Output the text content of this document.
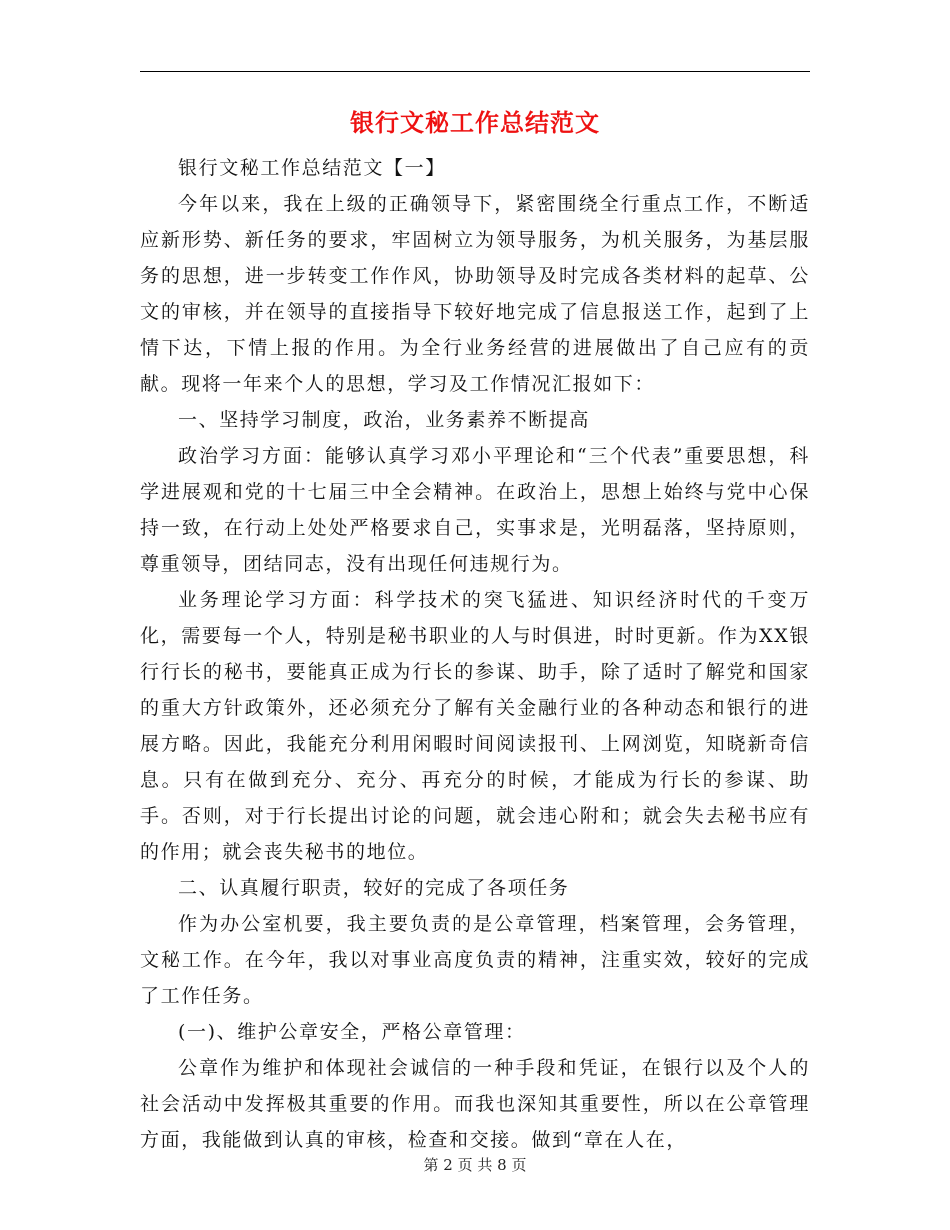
银行文秘工作总结范文

银行文秘工作总结范文【一】

今年以来，我在上级的正确领导下，紧密围绕全行重点工作，不断适应新形势、新任务的要求，牢固树立为领导服务，为机关服务，为基层服务的思想，进一步转变工作作风，协助领导及时完成各类材料的起草、公文的审核，并在领导的直接指导下较好地完成了信息报送工作，起到了上情下达，下情上报的作用。为全行业务经营的进展做出了自己应有的贡献。现将一年来个人的思想，学习及工作情况汇报如下：

一、坚持学习制度，政治，业务素养不断提高

政治学习方面：能够认真学习邓小平理论和“三个代表”重要思想，科学进展观和党的十七届三中全会精神。在政治上，思想上始终与党中心保持一致，在行动上处处严格要求自己，实事求是，光明磊落，坚持原则，尊重领导，团结同志，没有出现任何违规行为。

业务理论学习方面：科学技术的突飞猛进、知识经济时代的千变万化，需要每一个人，特别是秘书职业的人与时俱进，时时更新。作为XX银行行长的秘书，要能真正成为行长的参谋、助手，除了适时了解党和国家的重大方针政策外，还必须充分了解有关金融行业的各种动态和银行的进展方略。因此，我能充分利用闲暇时间阅读报刊、上网浏览，知晓新奇信息。只有在做到充分、充分、再充分的时候，才能成为行长的参谋、助手。否则，对于行长提出讨论的问题，就会违心附和；就会失去秘书应有的作用；就会丧失秘书的地位。

二、认真履行职责，较好的完成了各项任务

作为办公室机要，我主要负责的是公章管理，档案管理，会务管理，文秘工作。在今年，我以对事业高度负责的精神，注重实效，较好的完成了工作任务。

(一)、维护公章安全，严格公章管理：

公章作为维护和体现社会诚信的一种手段和凭证，在银行以及个人的社会活动中发挥极其重要的作用。而我也深知其重要性，所以在公章管理方面，我能做到认真的审核，检查和交接。做到“章在人在，

第 2 页 共 8 页
